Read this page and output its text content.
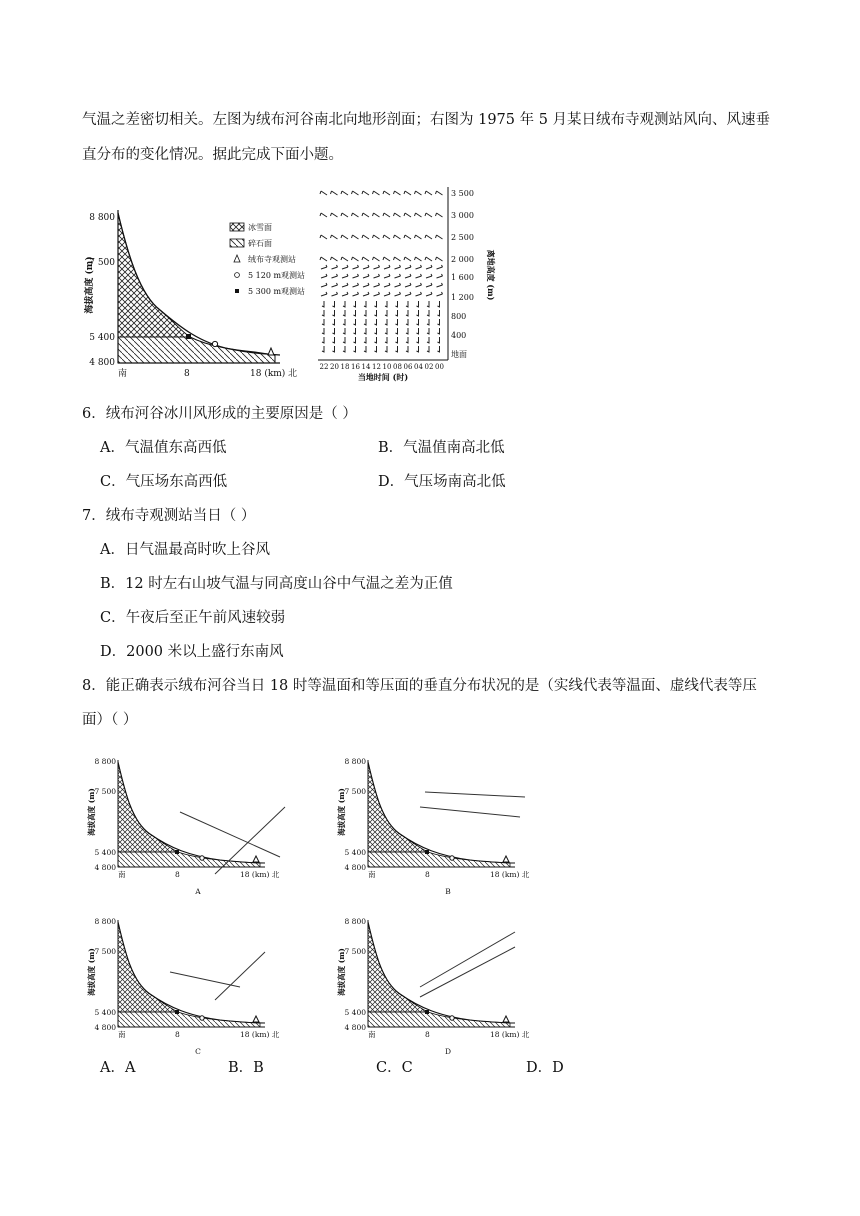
气温之差密切相关。左图为绒布河谷南北向地形剖面；右图为 1975 年 5 月某日绒布寺观测站风向、风速垂
直分布的变化情况。据此完成下面小题。
8 800
7 500
5 400
4 800
南	8	18 (km) 北
海拔高度 (m)
冰雪面
碎石面
绒布寺观测站
5 120 m观测站
5 300 m观测站
3 500
3 000
2 500
2 000
1 600
1 200
800
400
地面
离地高度 (m)
当地时间 (时)
22 20 18 16 14 12 10 08 06 04 02 00
6．绒布河谷冰川风形成的主要原因是（ ）
A．气温值东高西低	B．气温值南高北低
C．气压场东高西低	D．气压场南高北低
7．绒布寺观测站当日（ ）
A．日气温最高时吹上谷风
B．12 时左右山坡气温与同高度山谷中气温之差为正值
C．午夜后至正午前风速较弱
D．2000 米以上盛行东南风
8．能正确表示绒布河谷当日 18 时等温面和等压面的垂直分布状况的是（实线代表等温面、虚线代表等压
面）（ ）
8 800
7 500
5 400
4 800
南	8	18 (km) 北
海拔高度 (m)
A
8 800
7 500
5 400
4 800
南	8	18 (km) 北
海拔高度 (m)
B
8 800
7 500
5 400
4 800
南	8	18 (km) 北
海拔高度 (m)
C
8 800
7 500
5 400
4 800
南	8	18 (km) 北
海拔高度 (m)
D
A．A	B．B	C．C	D．D
